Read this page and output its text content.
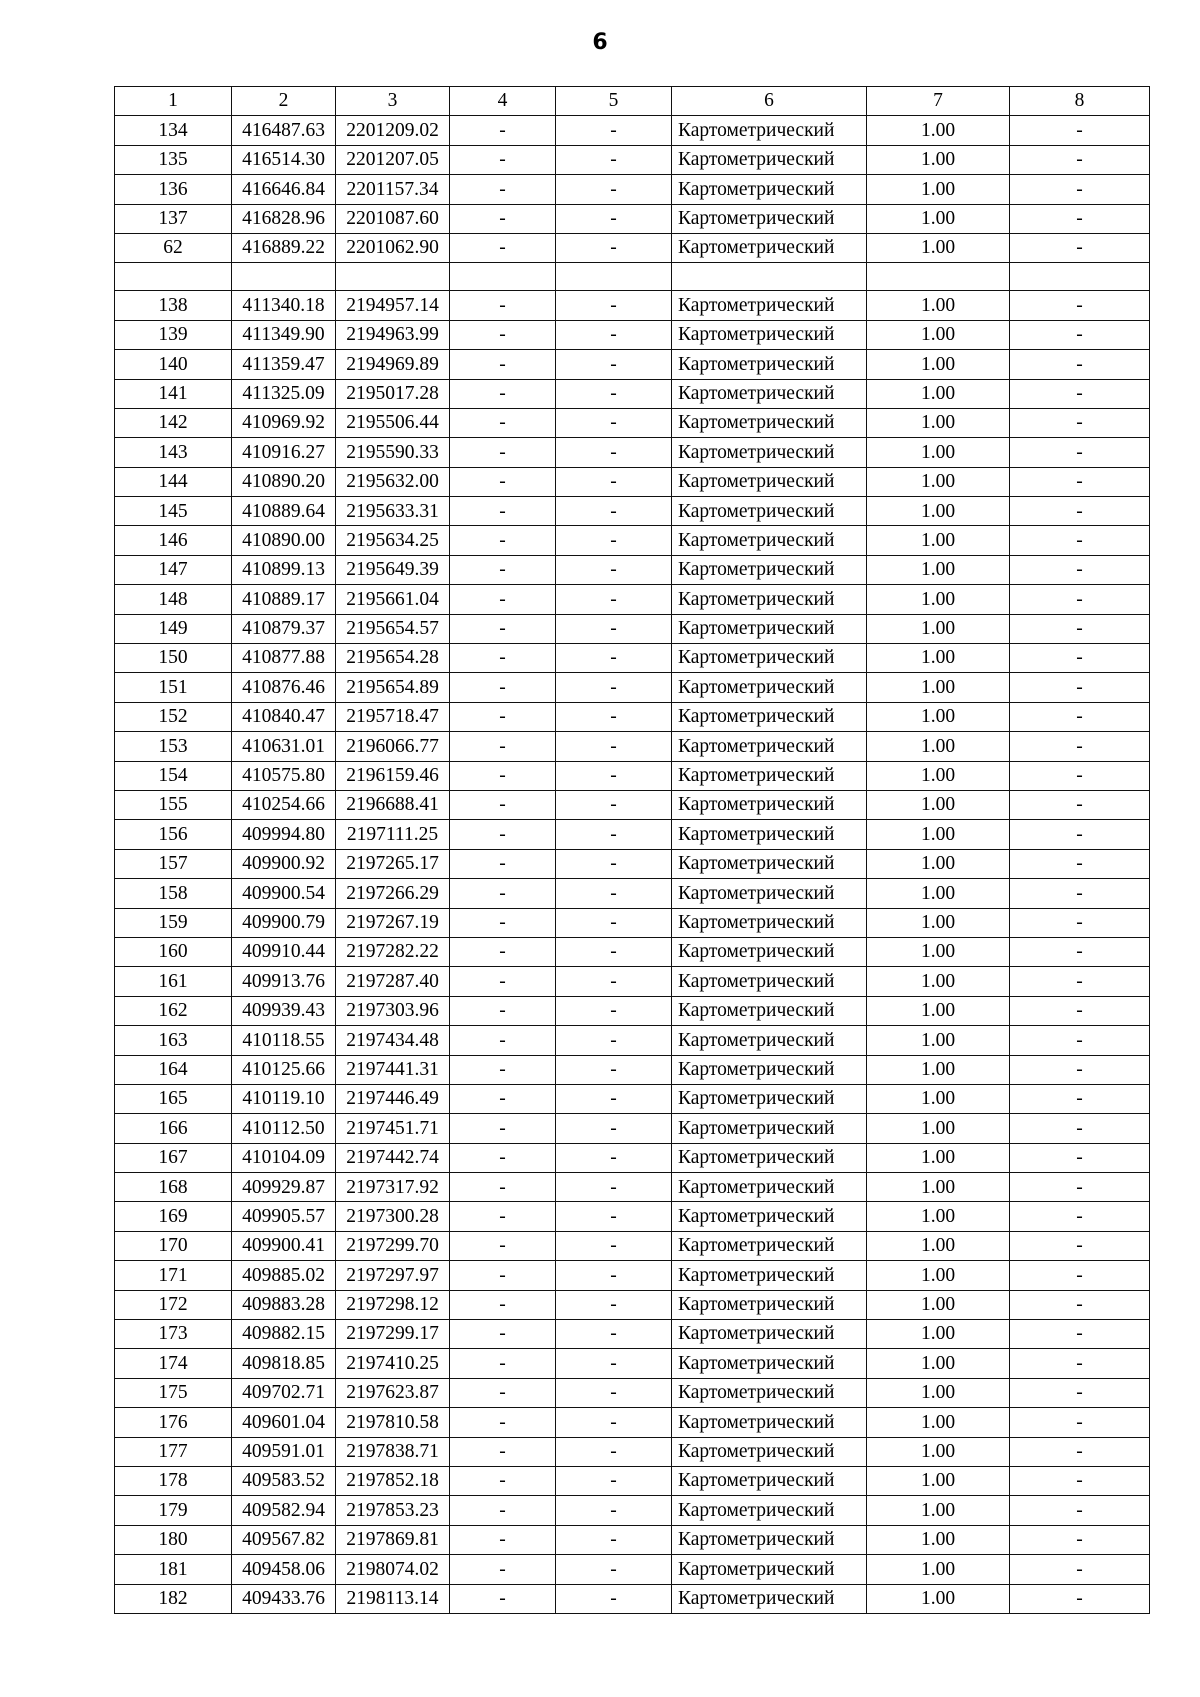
6
1	2	3	4	5	6	7	8
134	416487.63	2201209.02	-	-	Картометрический	1.00	-
135	416514.30	2201207.05	-	-	Картометрический	1.00	-
136	416646.84	2201157.34	-	-	Картометрический	1.00	-
137	416828.96	2201087.60	-	-	Картометрический	1.00	-
62	416889.22	2201062.90	-	-	Картометрический	1.00	-

138	411340.18	2194957.14	-	-	Картометрический	1.00	-
139	411349.90	2194963.99	-	-	Картометрический	1.00	-
140	411359.47	2194969.89	-	-	Картометрический	1.00	-
141	411325.09	2195017.28	-	-	Картометрический	1.00	-
142	410969.92	2195506.44	-	-	Картометрический	1.00	-
143	410916.27	2195590.33	-	-	Картометрический	1.00	-
144	410890.20	2195632.00	-	-	Картометрический	1.00	-
145	410889.64	2195633.31	-	-	Картометрический	1.00	-
146	410890.00	2195634.25	-	-	Картометрический	1.00	-
147	410899.13	2195649.39	-	-	Картометрический	1.00	-
148	410889.17	2195661.04	-	-	Картометрический	1.00	-
149	410879.37	2195654.57	-	-	Картометрический	1.00	-
150	410877.88	2195654.28	-	-	Картометрический	1.00	-
151	410876.46	2195654.89	-	-	Картометрический	1.00	-
152	410840.47	2195718.47	-	-	Картометрический	1.00	-
153	410631.01	2196066.77	-	-	Картометрический	1.00	-
154	410575.80	2196159.46	-	-	Картометрический	1.00	-
155	410254.66	2196688.41	-	-	Картометрический	1.00	-
156	409994.80	2197111.25	-	-	Картометрический	1.00	-
157	409900.92	2197265.17	-	-	Картометрический	1.00	-
158	409900.54	2197266.29	-	-	Картометрический	1.00	-
159	409900.79	2197267.19	-	-	Картометрический	1.00	-
160	409910.44	2197282.22	-	-	Картометрический	1.00	-
161	409913.76	2197287.40	-	-	Картометрический	1.00	-
162	409939.43	2197303.96	-	-	Картометрический	1.00	-
163	410118.55	2197434.48	-	-	Картометрический	1.00	-
164	410125.66	2197441.31	-	-	Картометрический	1.00	-
165	410119.10	2197446.49	-	-	Картометрический	1.00	-
166	410112.50	2197451.71	-	-	Картометрический	1.00	-
167	410104.09	2197442.74	-	-	Картометрический	1.00	-
168	409929.87	2197317.92	-	-	Картометрический	1.00	-
169	409905.57	2197300.28	-	-	Картометрический	1.00	-
170	409900.41	2197299.70	-	-	Картометрический	1.00	-
171	409885.02	2197297.97	-	-	Картометрический	1.00	-
172	409883.28	2197298.12	-	-	Картометрический	1.00	-
173	409882.15	2197299.17	-	-	Картометрический	1.00	-
174	409818.85	2197410.25	-	-	Картометрический	1.00	-
175	409702.71	2197623.87	-	-	Картометрический	1.00	-
176	409601.04	2197810.58	-	-	Картометрический	1.00	-
177	409591.01	2197838.71	-	-	Картометрический	1.00	-
178	409583.52	2197852.18	-	-	Картометрический	1.00	-
179	409582.94	2197853.23	-	-	Картометрический	1.00	-
180	409567.82	2197869.81	-	-	Картометрический	1.00	-
181	409458.06	2198074.02	-	-	Картометрический	1.00	-
182	409433.76	2198113.14	-	-	Картометрический	1.00	-
